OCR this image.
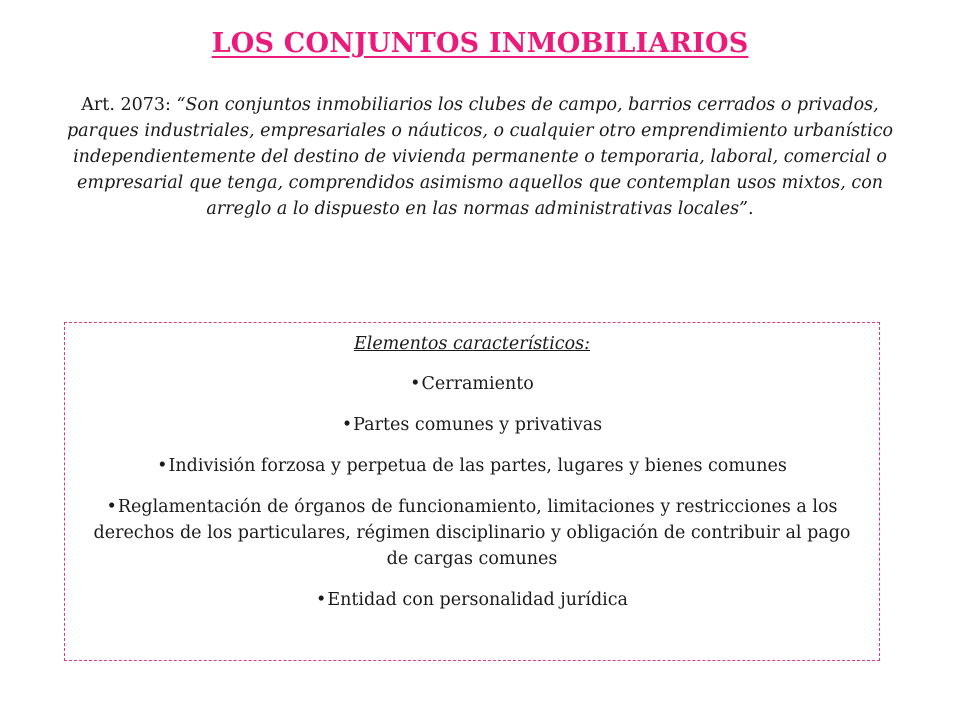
LOS CONJUNTOS INMOBILIARIOS
Art. 2073: “Son conjuntos inmobiliarios los clubes de campo, barrios cerrados o privados, parques industriales, empresariales o náuticos, o cualquier otro emprendimiento urbanístico independientemente del destino de vivienda permanente o temporaria, laboral, comercial o empresarial que tenga, comprendidos asimismo aquellos que contemplan usos mixtos, con arreglo a lo dispuesto en las normas administrativas locales”.

Elementos característicos:

•Cerramiento
•Partes comunes y privativas
•Indivisión forzosa y perpetua de las partes, lugares y bienes comunes
•Reglamentación de órganos de funcionamiento, limitaciones y restricciones a los derechos de los particulares, régimen disciplinario y obligación de contribuir al pago de cargas comunes
•Entidad con personalidad jurídica
